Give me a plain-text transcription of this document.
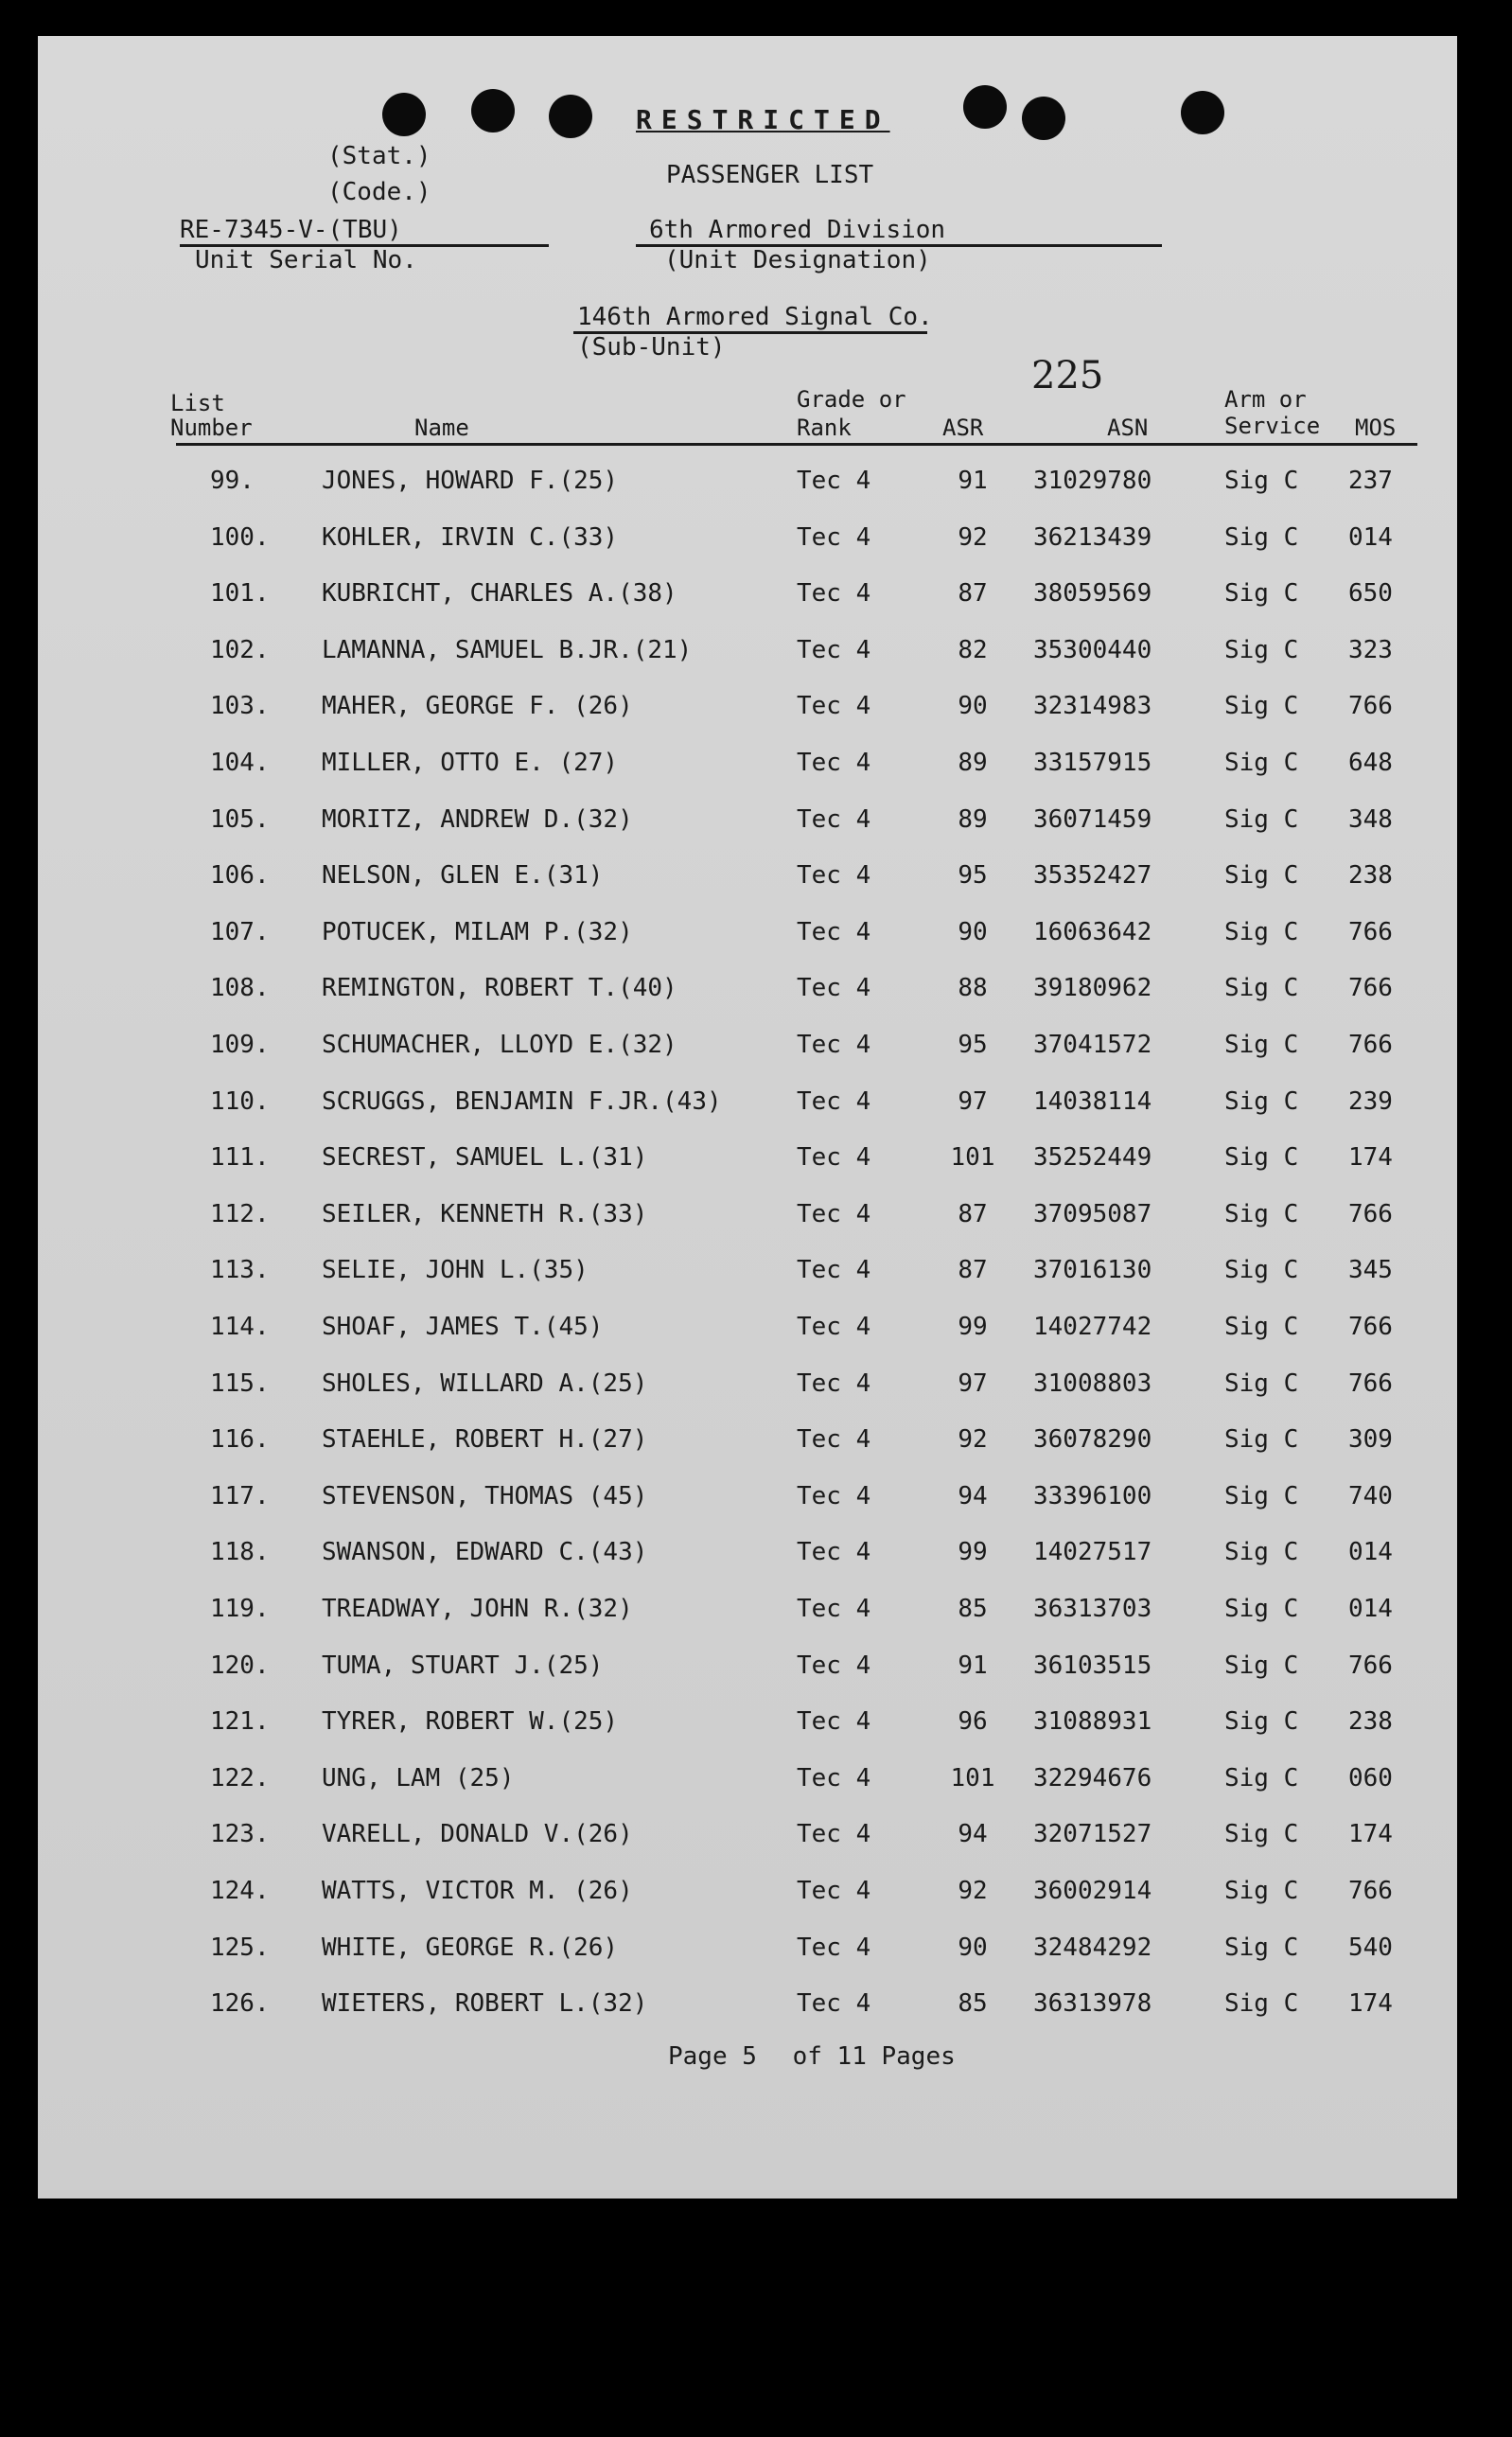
RESTRICTED
(Stat.)
(Code.)
PASSENGER LIST
RE-7345-V-(TBU)
Unit Serial No.
6th Armored Division
(Unit Designation)
146th Armored Signal Co.
(Sub-Unit)
225
List
Number	Name
Grade or
Rank	ASR	ASN
Arm or
Service MOS
99.	JONES, HOWARD F.(25)	Tec 4	91	31029780	Sig C 237
100. KOHLER, IRVIN C.(33)	Tec 4	92	36213439	Sig C 014
101. KUBRICHT, CHARLES A.(38)	Tec 4	87	38059569	Sig C 650
102. LAMANNA, SAMUEL B.JR.(21)	Tec 4	82	35300440	Sig C 323
103. MAHER, GEORGE F. (26)	Tec 4	90	32314983	Sig C 766
104. MILLER, OTTO E. (27)	Tec 4	89	33157915	Sig C 648
105. MORITZ, ANDREW D.(32)	Tec 4	89	36071459	Sig C 348
106. NELSON, GLEN E.(31)	Tec 4	95	35352427	Sig C 238
107. POTUCEK, MILAM P.(32)	Tec 4	90	16063642	Sig C 766
108. REMINGTON, ROBERT T.(40)	Tec 4	88	39180962	Sig C 766
109. SCHUMACHER, LLOYD E.(32)	Tec 4	95	37041572	Sig C 766
110. SCRUGGS, BENJAMIN F.JR.(43)	Tec 4	97	14038114	Sig C 239
111. SECREST, SAMUEL L.(31)	Tec 4	101 35252449	Sig C 174
112. SEILER, KENNETH R.(33)	Tec 4	87	37095087	Sig C 766
113. SELIE, JOHN L.(35)	Tec 4	87	37016130	Sig C 345
114. SHOAF, JAMES T.(45)	Tec 4	99	14027742	Sig C 766
115. SHOLES, WILLARD A.(25)	Tec 4	97	31008803	Sig C 766
116. STAEHLE, ROBERT H.(27)	Tec 4	92	36078290	Sig C 309
117. STEVENSON, THOMAS (45)	Tec 4	94	33396100	Sig C 740
118. SWANSON, EDWARD C.(43)	Tec 4	99	14027517	Sig C 014
119. TREADWAY, JOHN R.(32)	Tec 4	85	36313703	Sig C 014
120. TUMA, STUART J.(25)	Tec 4	91	36103515	Sig C 766
121. TYRER, ROBERT W.(25)	Tec 4	96	31088931	Sig C 238
122. UNG, LAM (25)	Tec 4	101 32294676	Sig C 060
123. VARELL, DONALD V.(26)	Tec 4	94	32071527	Sig C 174
124. WATTS, VICTOR M. (26)	Tec 4	92	36002914	Sig C 766
125. WHITE, GEORGE R.(26)	Tec 4	90	32484292	Sig C 540
126. WIETERS, ROBERT L.(32)	Tec 4	85	36313978	Sig C 174
Page 5 of 11 Pages
